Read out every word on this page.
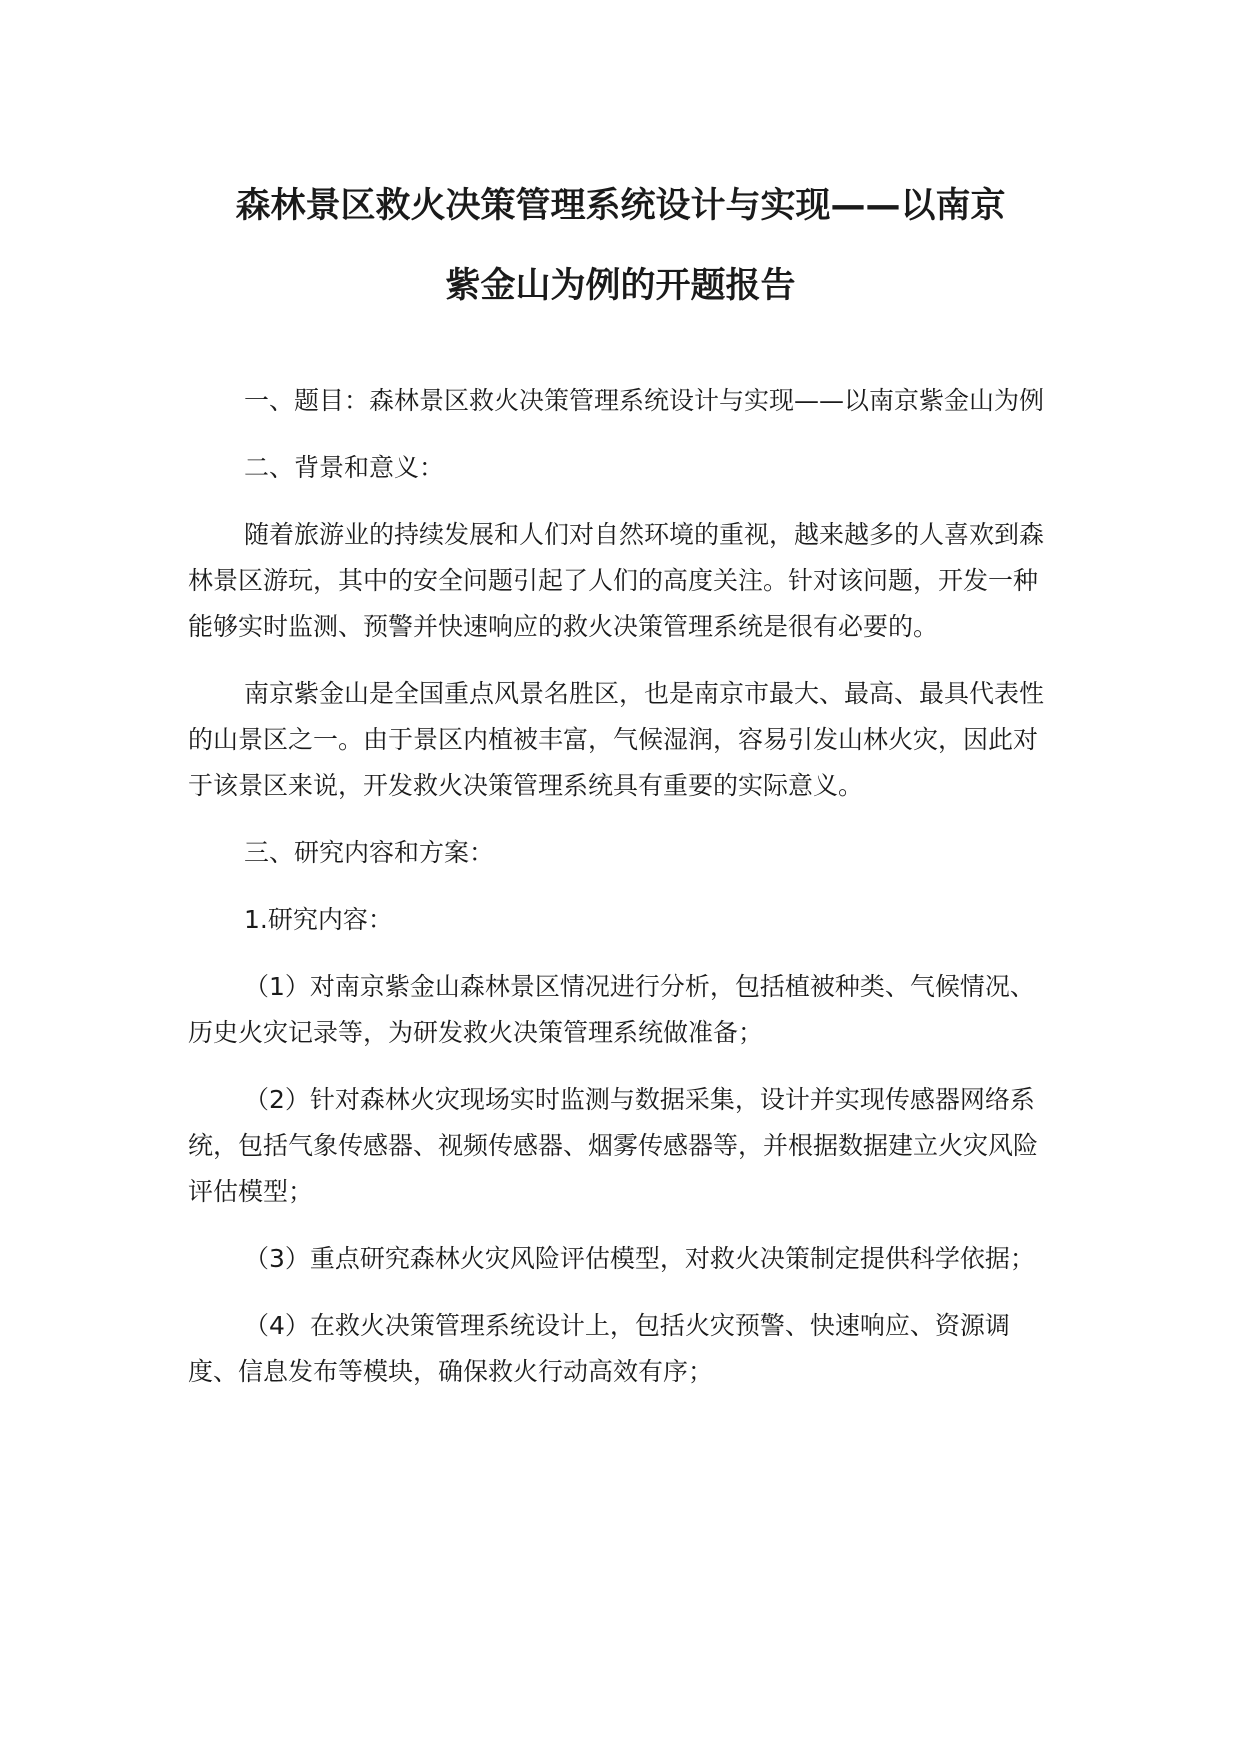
森林景区救火决策管理系统设计与实现——以南京
紫金山为例的开题报告

一、题目：森林景区救火决策管理系统设计与实现——以南京紫金山为例

二、背景和意义：

随着旅游业的持续发展和人们对自然环境的重视，越来越多的人喜欢到森林景区游玩，其中的安全问题引起了人们的高度关注。针对该问题，开发一种能够实时监测、预警并快速响应的救火决策管理系统是很有必要的。

南京紫金山是全国重点风景名胜区，也是南京市最大、最高、最具代表性的山景区之一。由于景区内植被丰富，气候湿润，容易引发山林火灾，因此对于该景区来说，开发救火决策管理系统具有重要的实际意义。

三、研究内容和方案：

1.研究内容：

（1）对南京紫金山森林景区情况进行分析，包括植被种类、气候情况、历史火灾记录等，为研发救火决策管理系统做准备；

（2）针对森林火灾现场实时监测与数据采集，设计并实现传感器网络系统，包括气象传感器、视频传感器、烟雾传感器等，并根据数据建立火灾风险评估模型；

（3）重点研究森林火灾风险评估模型，对救火决策制定提供科学依据；

（4）在救火决策管理系统设计上，包括火灾预警、快速响应、资源调度、信息发布等模块，确保救火行动高效有序；
